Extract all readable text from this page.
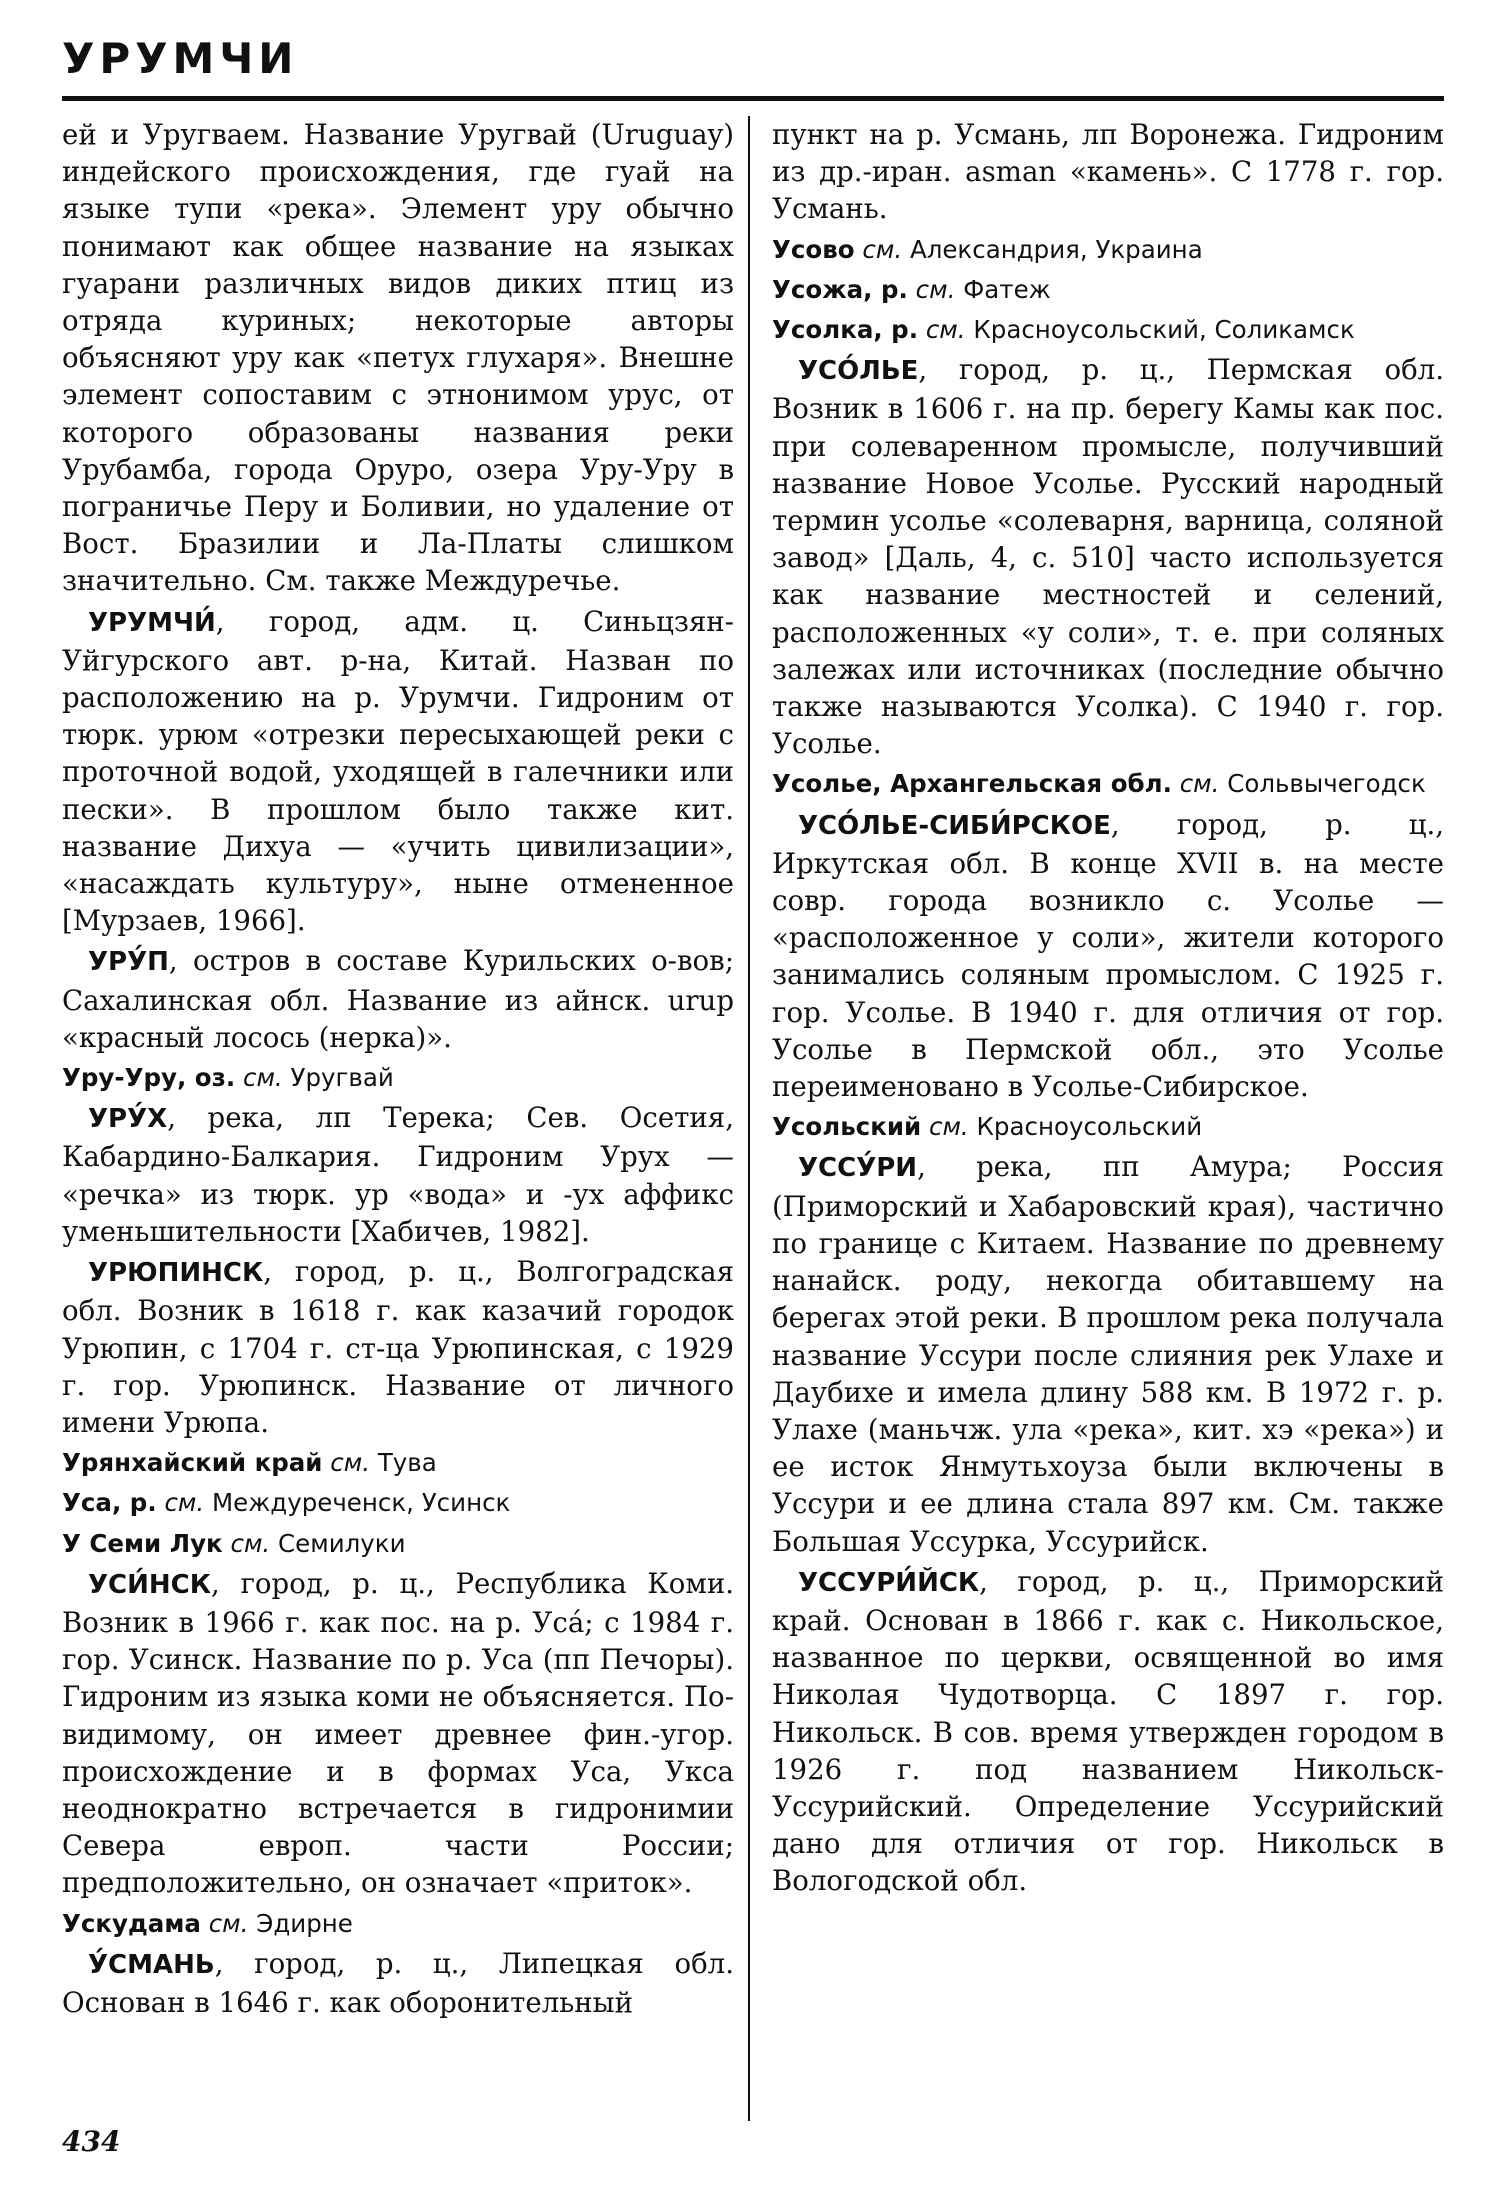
УРУМЧИ

ей и Уругваем. Название Уругвай (Uruguay) индейского происхождения, где гуай на языке тупи «река». Элемент уру обычно понимают как общее название на языках гуарани различных видов диких птиц из отряда куриных; некоторые авторы объясняют уру как «петух глухаря». Внешне элемент сопоставим с этнонимом урус, от которого образованы названия реки Урубамба, города Оруро, озера Уру-Уру в пограничье Перу и Боливии, но удаление от Вост. Бразилии и Ла-Платы слишком значительно. См. также Междуречье.

УРУМЧИ́, город, адм. ц. Синьцзян-Уйгурского авт. р-на, Китай. Назван по расположению на р. Урумчи. Гидроним от тюрк. урюм «отрезки пересыхающей реки с проточной водой, уходящей в галечники или пески». В прошлом было также кит. название Дихуа — «учить цивилизации», «насаждать культуру», ныне отмененное [Мурзаев, 1966].

УРУ́П, остров в составе Курильских о-вов; Сахалинская обл. Название из айнск. urup «красный лосось (нерка)».

Уру-Уру, оз. см. Уругвай

УРУ́Х, река, лп Терека; Сев. Осетия, Кабардино-Балкария. Гидроним Урух — «речка» из тюрк. ур «вода» и -ух аффикс уменьшительности [Хабичев, 1982].

УРЮПИНСК, город, р. ц., Волгоградская обл. Возник в 1618 г. как казачий городок Урюпин, с 1704 г. ст-ца Урюпинская, с 1929 г. гор. Урюпинск. Название от личного имени Урюпа.

Урянхайский край см. Тува

Уса, р. см. Междуреченск, Усинск

У Семи Лук см. Семилуки

УСИ́НСК, город, р. ц., Республика Коми. Возник в 1966 г. как пос. на р. Уса́; с 1984 г. гор. Усинск. Название по р. Уса (пп Печоры). Гидроним из языка коми не объясняется. По-видимому, он имеет древнее фин.-угор. происхождение и в формах Уса, Укса неоднократно встречается в гидронимии Севера европ. части России; предположительно, он означает «приток».

Ускудама см. Эдирне

У́СМАНЬ, город, р. ц., Липецкая обл. Основан в 1646 г. как оборонительный

пункт на р. Усмань, лп Воронежа. Гидроним из др.-иран. asman «камень». С 1778 г. гор. Усмань.

Усово см. Александрия, Украина

Усожа, р. см. Фатеж

Усолка, р. см. Красноусольский, Соликамск

УСО́ЛЬЕ, город, р. ц., Пермская обл. Возник в 1606 г. на пр. берегу Камы как пос. при солеваренном промысле, получивший название Новое Усолье. Русский народный термин усолье «солеварня, варница, соляной завод» [Даль, 4, с. 510] часто используется как название местностей и селений, расположенных «у соли», т. е. при соляных залежах или источниках (последние обычно также называются Усолка). С 1940 г. гор. Усолье.

Усолье, Архангельская обл. см. Сольвычегодск

УСО́ЛЬЕ-СИБИ́РСКОЕ, город, р. ц., Иркутская обл. В конце XVII в. на месте совр. города возникло с. Усолье — «расположенное у соли», жители которого занимались соляным промыслом. С 1925 г. гор. Усолье. В 1940 г. для отличия от гор. Усолье в Пермской обл., это Усолье переименовано в Усолье-Сибирское.

Усольский см. Красноусольский

УССУ́РИ, река, пп Амура; Россия (Приморский и Хабаровский края), частично по границе с Китаем. Название по древнему нанайск. роду, некогда обитавшему на берегах этой реки. В прошлом река получала название Уссури после слияния рек Улахе и Даубихе и имела длину 588 км. В 1972 г. р. Улахе (маньчж. ула «река», кит. хэ «река») и ее исток Янмутьхоуза были включены в Уссури и ее длина стала 897 км. См. также Большая Уссурка, Уссурийск.

УССУРИ́ЙСК, город, р. ц., Приморский край. Основан в 1866 г. как с. Никольское, названное по церкви, освященной во имя Николая Чудотворца. С 1897 г. гор. Никольск. В сов. время утвержден городом в 1926 г. под названием Никольск-Уссурийский. Определение Уссурийский дано для отличия от гор. Никольск в Вологодской обл.

434
